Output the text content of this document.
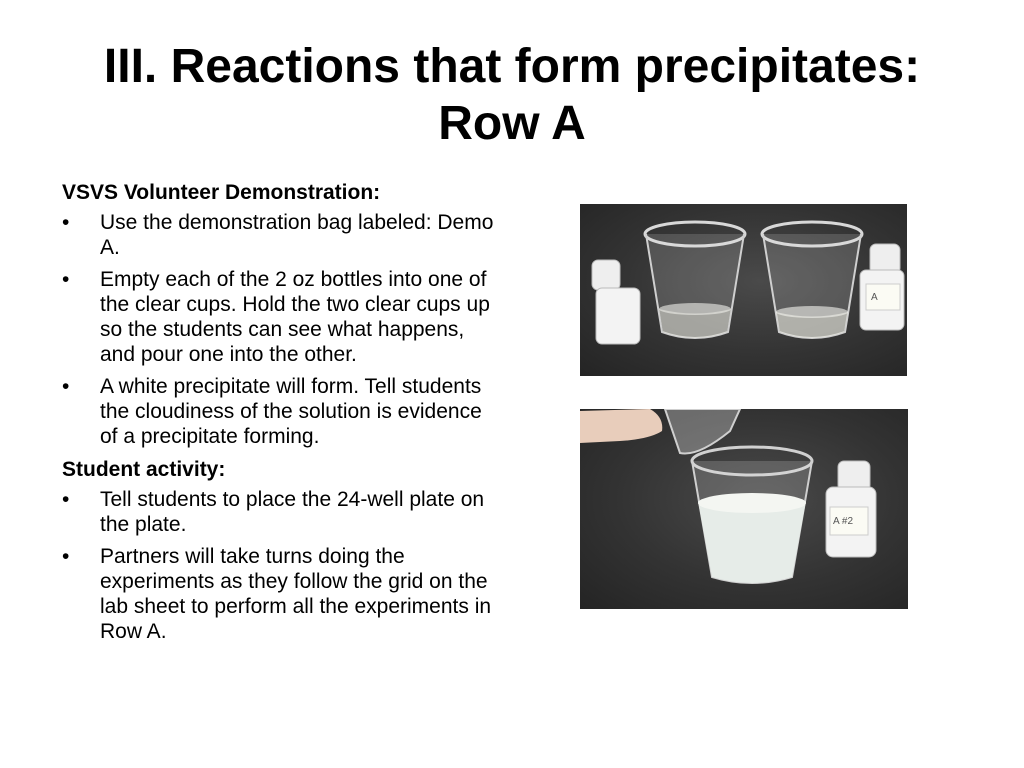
III. Reactions that form precipitates:
Row A
VSVS Volunteer Demonstration:
• Use the demonstration bag labeled: Demo A.
• Empty each of the 2 oz bottles into one of the clear cups. Hold the two clear cups up so the students can see what happens, and pour one into the other.
• A white precipitate will form. Tell students the cloudiness of the solution is evidence of a precipitate forming.
Student activity:
• Tell students to place the 24-well plate on the plate.
• Partners will take turns doing the experiments as they follow the grid on the lab sheet to perform all the experiments in Row A.
A
A #2
